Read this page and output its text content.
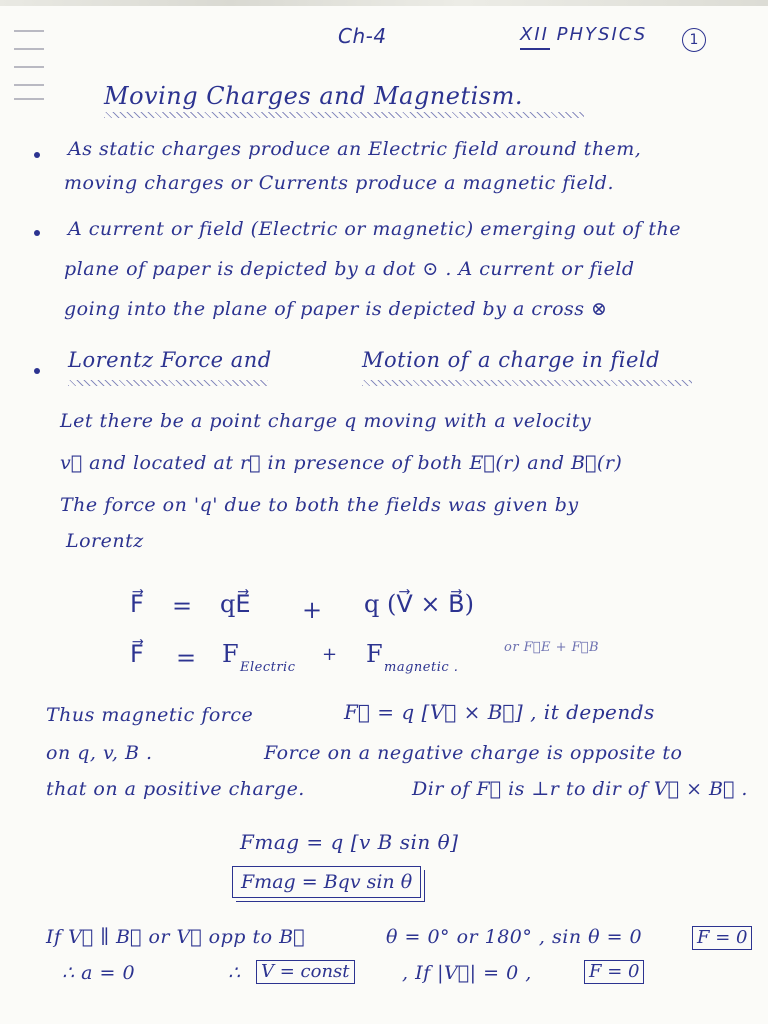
Ch-4	XII PHYSICS	1
Moving Charges and Magnetism.
As static charges produce an Electric field around them,
moving charges or Currents produce a magnetic field.
A current or field (Electric or magnetic) emerging out of the
plane of paper is depicted by a dot ⊙ . A current or field
going into the plane of paper is depicted by a cross ⊗
Lorentz Force and	Motion of a charge in field
Let there be a point charge q moving with a velocity
v⃗ and located at r⃗ in presence of both E⃗(r) and B⃗(r)
The force on 'q' due to both the fields was given by
Lorentz
F⃗ = qE⃗ + q (V⃗ × B⃗)
F⃗ = F Electric
+ F magnetic .
or F⃗E + F⃗B
Thus magnetic force	F⃗ = q [V⃗ × B⃗] , it depends
on q, v, B .	Force on a negative charge is opposite to
that on a positive charge.	Dir of F⃗ is ⊥r to dir of V⃗ × B⃗ .
Fmag = q [v B sin θ]
Fmag = Bqv sin θ
If V⃗ ∥ B⃗ or V⃗ opp to B⃗	θ = 0° or 180° , sin θ = 0	F = 0
∴ a = 0	∴ V = const	, If |V⃗| = 0 ,	F = 0
